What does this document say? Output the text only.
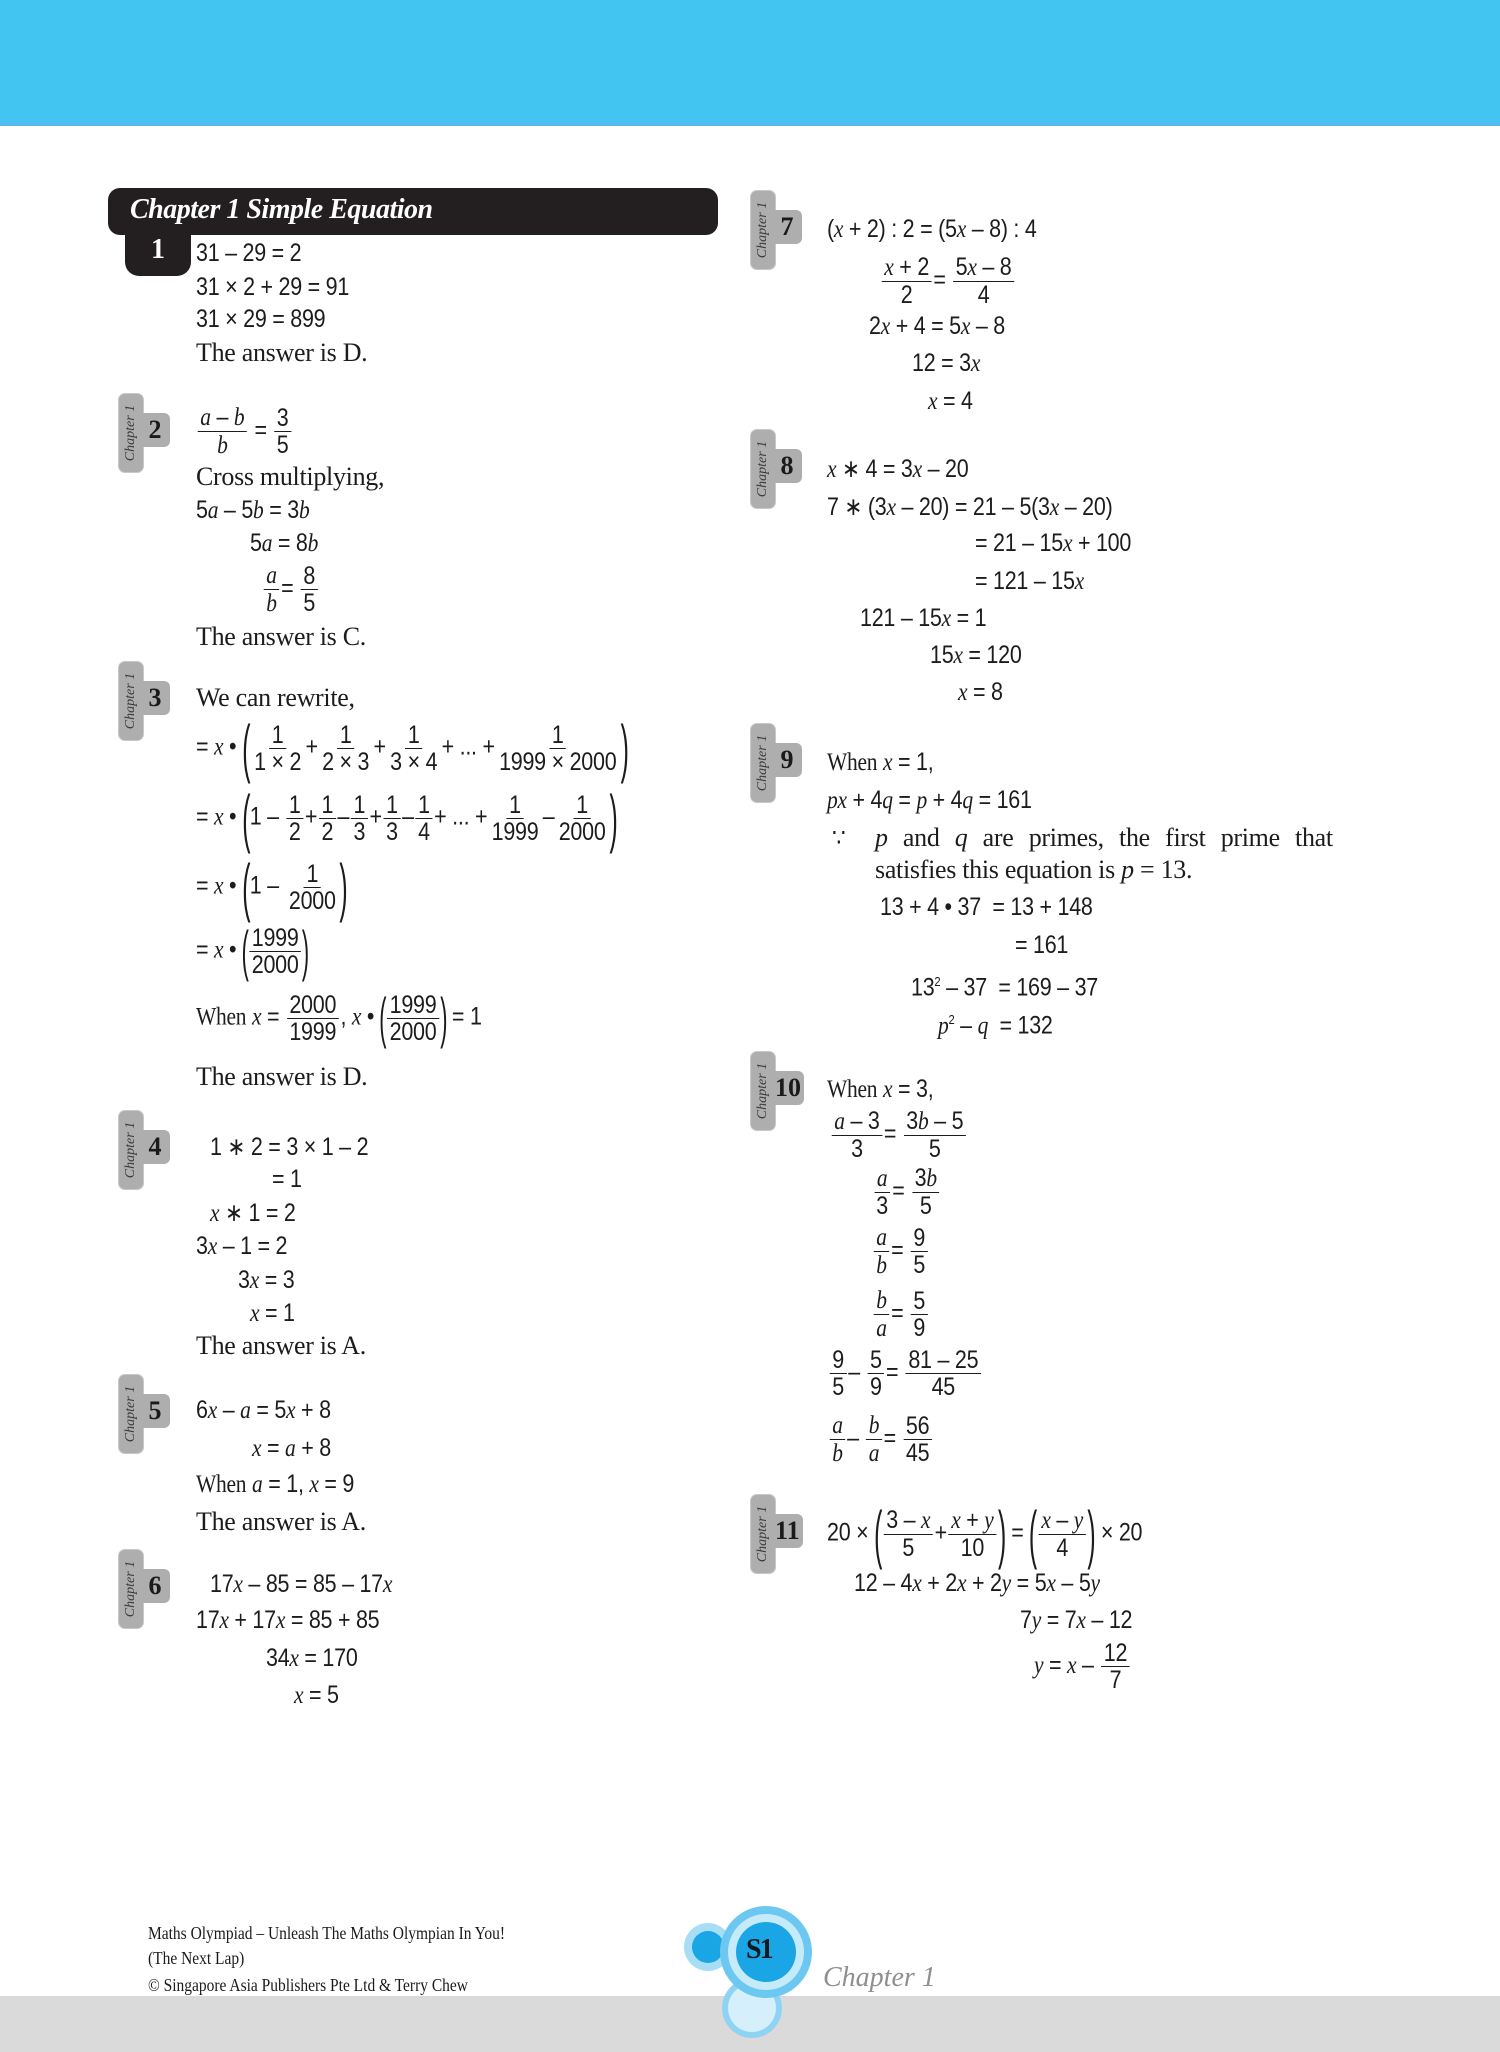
Chapter 1 Simple Equation
1	31 – 29 = 2
31 × 2 + 29 = 91
31 × 29 = 899
The answer is D.
Chapter 1 2	$\frac{a - b}{b} = \frac{3}{5}$
Cross multiplying,
5a – 5b = 3b
5a = 8b
$\frac{a}{b} = \frac{8}{5}$
The answer is C.
Chapter 1 3	We can rewrite,
= x • ( $\frac{1}{1 \times 2} + \frac{1}{2 \times 3} + \frac{1}{3 \times 4}$ + ... + $\frac{1}{1999 \times 2000}$ )
= x • ($1 - \frac{1}{2} + \frac{1}{2} - \frac{1}{3} + \frac{1}{3} - \frac{1}{4}$ + ... + $\frac{1}{1999} - \frac{1}{2000}$ )
= x • ($1 - \frac{1}{2000}$ )
= x • ( $\frac{1999}{2000}$ )
When $x = \frac{2000}{1999}$ , x • ( $\frac{1999}{2000}$ ) = 1
The answer is D.
Chapter 1 4	1 ∗ 2 = 3 × 1 – 2
= 1
x ∗ 1 = 2
3x – 1 = 2
3x = 3
x = 1
The answer is A.
Chapter 1 5	6x – a = 5x + 8
x = a + 8
When a = 1, x = 9
The answer is A.
Chapter 1 6	17x – 85 = 85 – 17x
17x + 17x = 85 + 85
34x = 170
x = 5
Chapter 1 7	(x + 2) : 2 = (5x – 8) : 4
$\frac{x + 2}{2} = \frac{5x - 8}{4}$
2x + 4 = 5x – 8
12 = 3x
x = 4
Chapter 1 8	x ∗ 4 = 3x – 20
7 ∗ (3x – 20) = 21 – 5(3x – 20)
= 21 – 15x + 100
= 121 – 15x
121 – 15x = 1
15x = 120
x = 8
Chapter 1 9	When x = 1,
px + 4q = p + 4q = 161
∵ p and q are primes, the first prime that
satisfies this equation is p = 13.
13 + 4 • 37  = 13 + 148
= 161
$13^2 - 37 = 169 - 37$
$p^2 - q = 132$
Chapter 1 10 When x = 3,
$\frac{a - 3}{3} = \frac{3b - 5}{5}$
$\frac{a}{3} = \frac{3b}{5}$
$\frac{a}{b} = \frac{9}{5}$
$\frac{b}{a} = \frac{5}{9}$
$\frac{9}{5} - \frac{5}{9} = \frac{81 - 25}{45}$
$\frac{a}{b} - \frac{b}{a} = \frac{56}{45}$
Chapter 1 11 20 × ( $\frac{3 - x}{5} + \frac{x + y}{10}$ ) = ( $\frac{x - y}{4}$ ) × 20
12 – 4x + 2x + 2y = 5x – 5y
7y = 7x – 12
$y = x - \frac{12}{7}$
Maths Olympiad – Unleash The Maths Olympian In You!
(The Next Lap)
© Singapore Asia Publishers Pte Ltd & Terry Chew
S1
Chapter 1
